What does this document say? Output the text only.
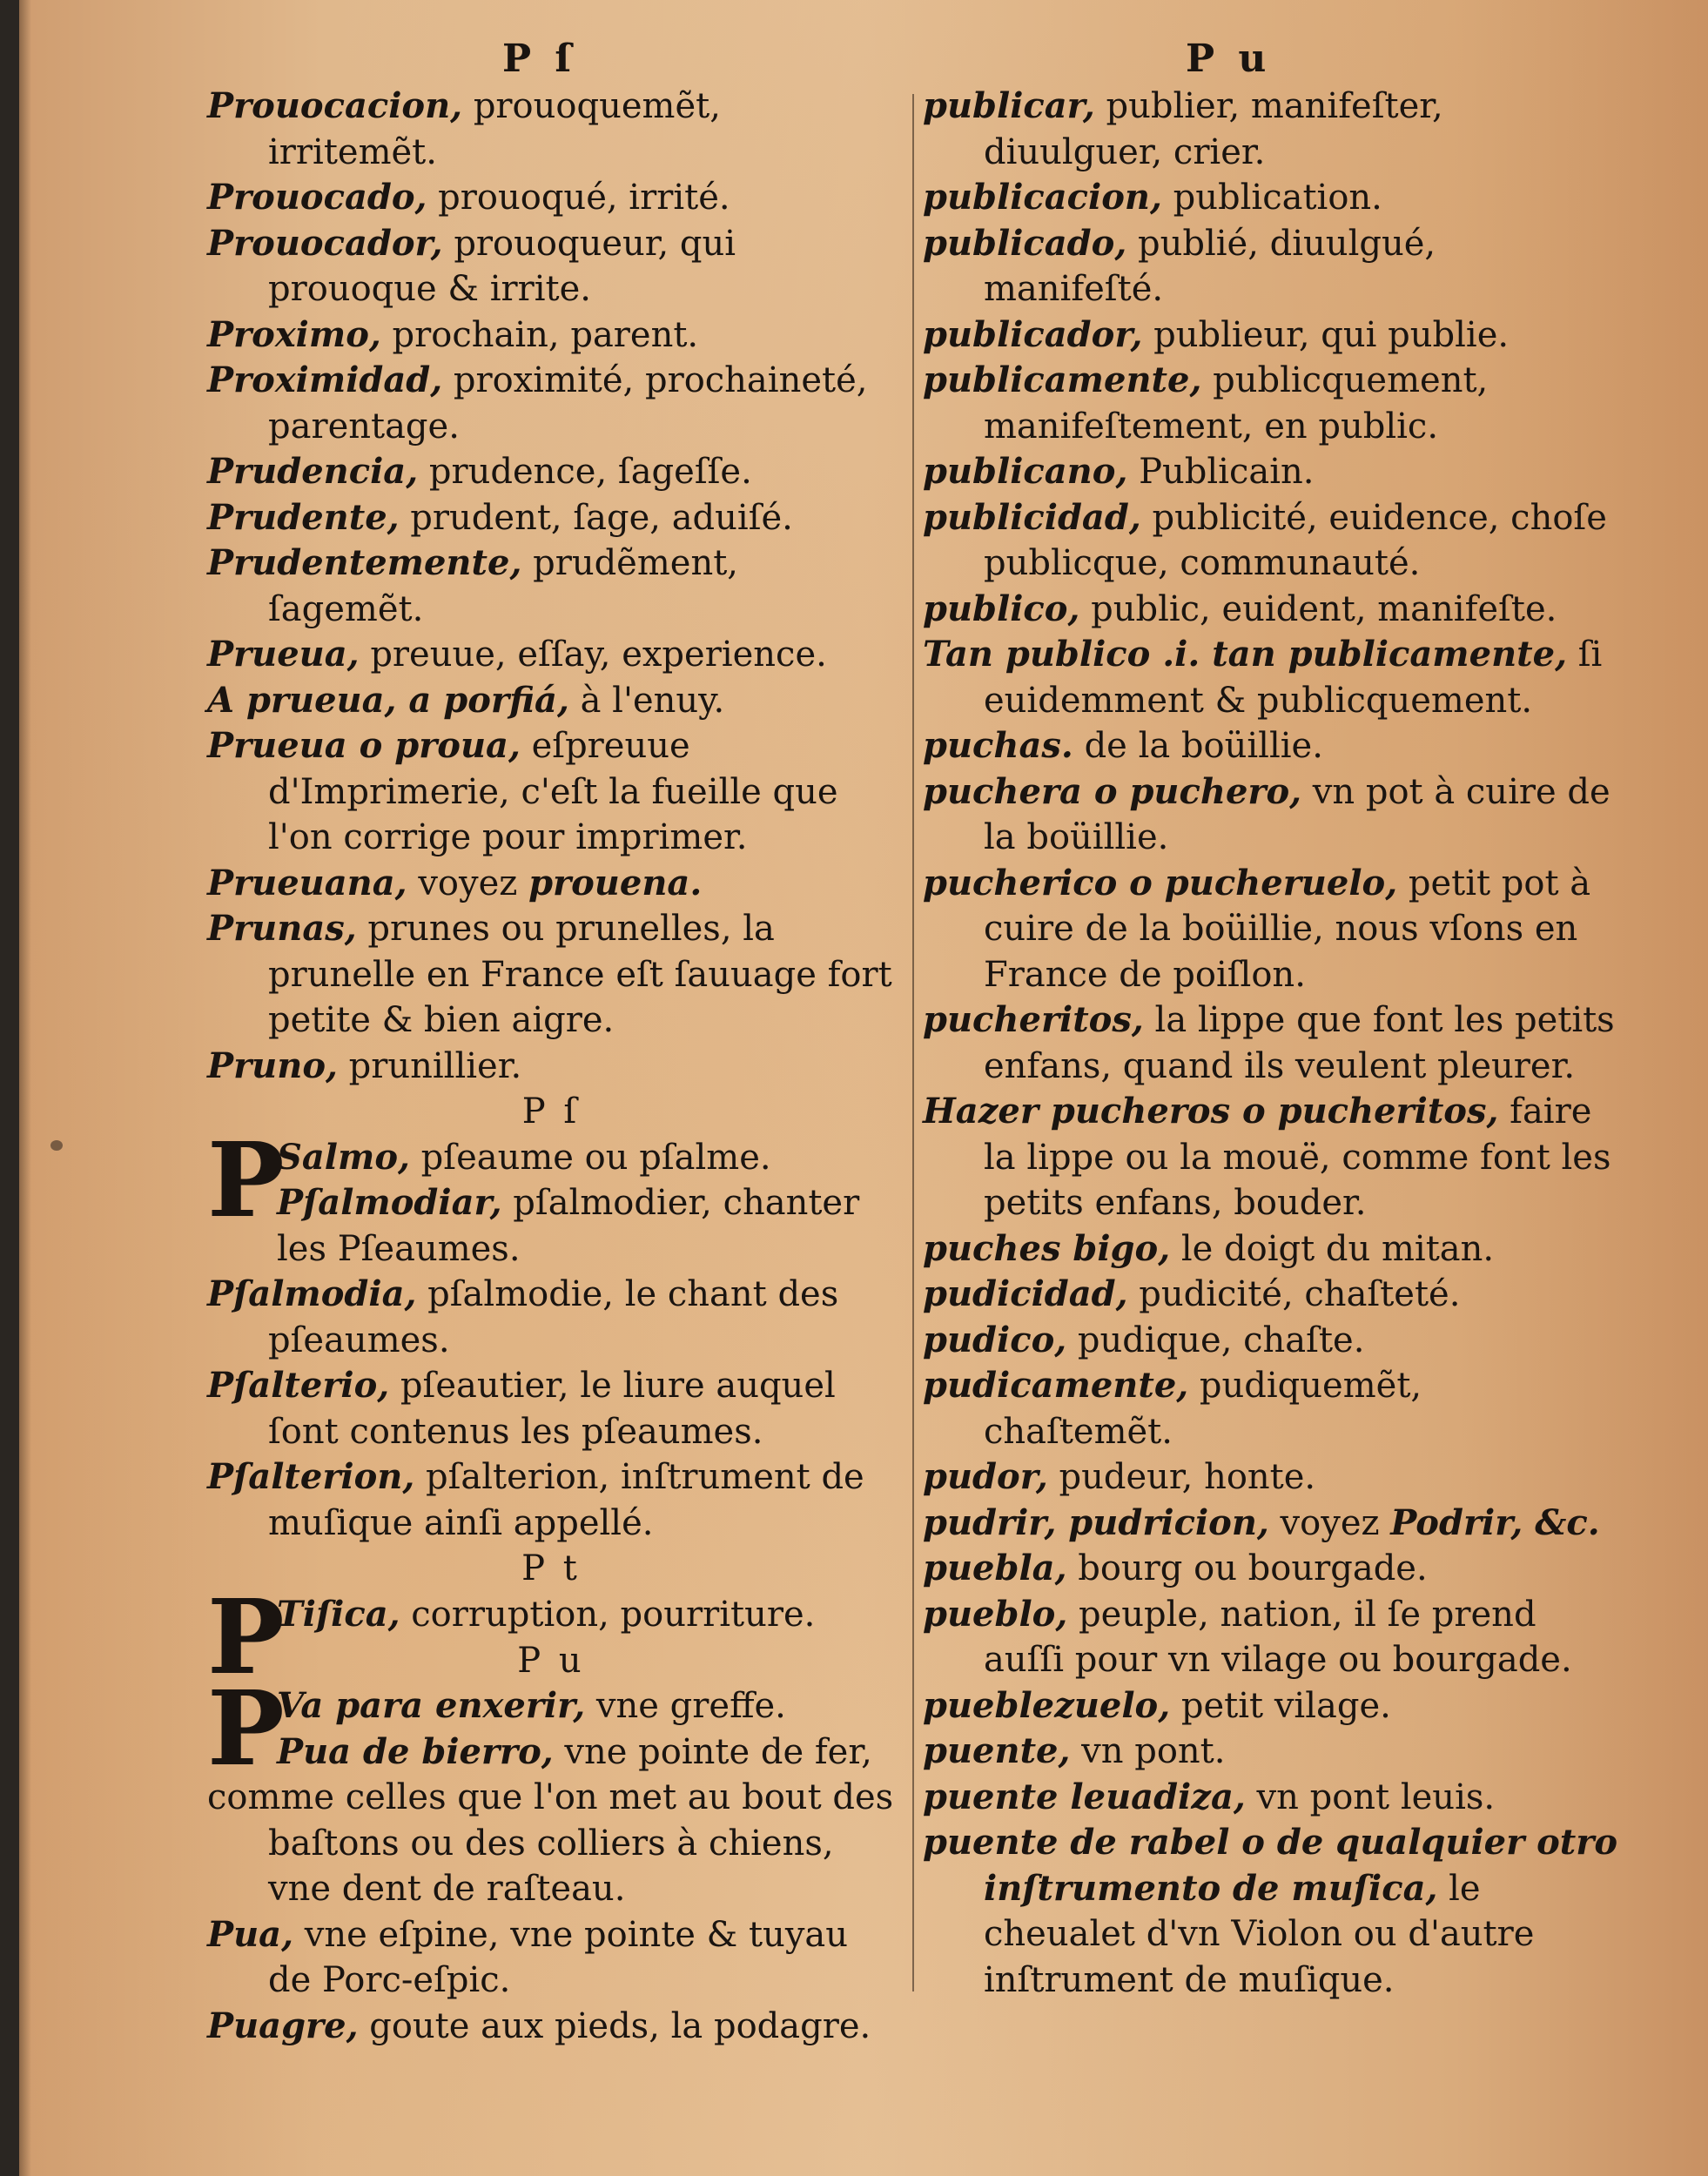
P ſ	P u
Prouocacion, prouoquemẽt, irritemẽt.
Prouocado, prouoqué, irrité.
Prouocador, prouoqueur, qui prouoque & irrite.
Proximo, prochain, parent.
Proximidad, proximité, prochaineté, parentage.
Prudencia, prudence, ſageſſe.
Prudente, prudent, ſage, aduiſé.
Prudentemente, prudẽment, ſagemẽt.
Prueua, preuue, eſſay, experience.
A prueua, a porfiá, à l'enuy.
Prueua o proua, eſpreuue d'Imprimerie, c'eſt la fueille que l'on corrige pour imprimer.
Prueuana, voyez prouena.
Prunas, prunes ou prunelles, la prunelle en France eſt ſauuage fort petite & bien aigre.
Pruno, prunillier.
P ſ
P
Salmo, pſeaume ou pſalme.
Pſalmodiar, pſalmodier, chanter
les Pſeaumes.
Pſalmodia, pſalmodie, le chant des pſeaumes.
Pſalterio, pſeautier, le liure auquel ſont contenus les pſeaumes.
Pſalterion, pſalterion, inſtrument de muſique ainſi appellé.
P t
P
Tiſica, corruption, pourriture.
P u
P
Va para enxerir, vne greffe.
Pua de bierro, vne pointe de fer,
comme celles que l'on met au bout des baſtons ou des colliers à chiens, vne dent de raſteau.
Pua, vne eſpine, vne pointe & tuyau de Porc-eſpic.
Puagre, goute aux pieds, la podagre.
publicar, publier, manifeſter, diuulguer, crier.
publicacion, publication.
publicado, publié, diuulgué, manifeſté.
publicador, publieur, qui publie.
publicamente, publicquement, manifeſtement, en public.
publicano, Publicain.
publicidad, publicité, euidence, choſe publicque, communauté.
publico, public, euident, manifeſte.
Tan publico .i. tan publicamente, ſi euidemment & publicquement.
puchas. de la boüillie.
puchera o puchero, vn pot à cuire de la boüillie.
pucherico o pucheruelo, petit pot à cuire de la boüillie, nous vſons en France de poiſlon.
pucheritos, la lippe que font les petits enfans, quand ils veulent pleurer.
Hazer pucheros o pucheritos, faire la lippe ou la mouë, comme font les petits enfans, bouder.
puches bigo, le doigt du mitan.
pudicidad, pudicité, chaſteté.
pudico, pudique, chaſte.
pudicamente, pudiquemẽt, chaſtemẽt.
pudor, pudeur, honte.
pudrir, pudricion, voyez Podrir, &c.
puebla, bourg ou bourgade.
pueblo, peuple, nation, il ſe prend auſſi pour vn vilage ou bourgade.
pueblezuelo, petit vilage.
puente, vn pont.
puente leuadiza, vn pont leuis.
puente de rabel o de qualquier otro inſtrumento de muſica, le cheualet d'vn Violon ou d'autre inſtrument de muſique.
